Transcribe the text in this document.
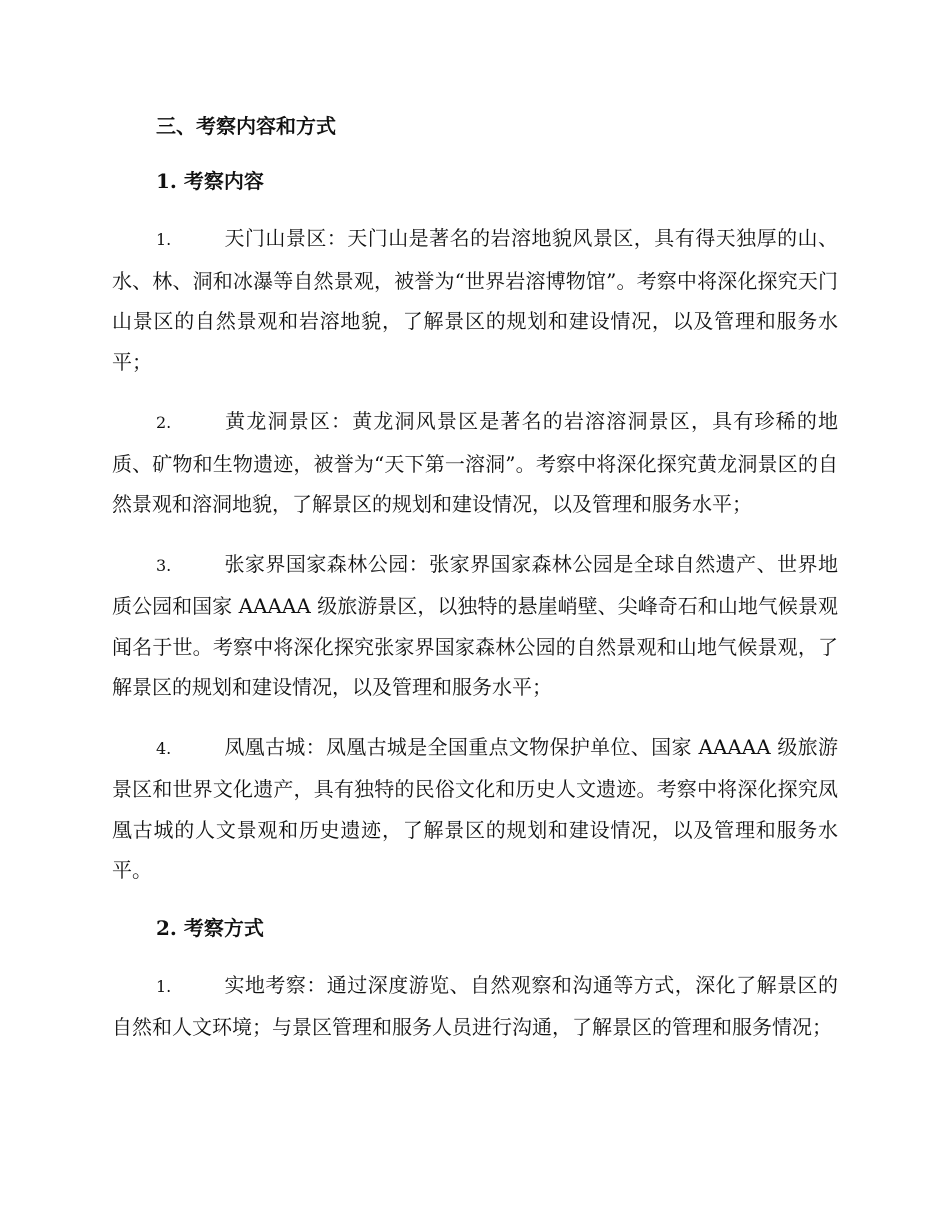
三、考察内容和方式
1. 考察内容

1.	天门山景区：天门山是著名的岩溶地貌风景区，具有得天独厚的山、水、林、洞和冰瀑等自然景观，被誉为“世界岩溶博物馆”。考察中将深化探究天门山景区的自然景观和岩溶地貌，了解景区的规划和建设情况，以及管理和服务水平；

2.	黄龙洞景区：黄龙洞风景区是著名的岩溶溶洞景区，具有珍稀的地质、矿物和生物遗迹，被誉为“天下第一溶洞”。考察中将深化探究黄龙洞景区的自然景观和溶洞地貌，了解景区的规划和建设情况，以及管理和服务水平；

3.	张家界国家森林公园：张家界国家森林公园是全球自然遗产、世界地质公园和国家 AAAAA 级旅游景区，以独特的悬崖峭壁、尖峰奇石和山地气候景观闻名于世。考察中将深化探究张家界国家森林公园的自然景观和山地气候景观，了解景区的规划和建设情况，以及管理和服务水平；

4.	凤凰古城：凤凰古城是全国重点文物保护单位、国家 AAAAA 级旅游景区和世界文化遗产，具有独特的民俗文化和历史人文遗迹。考察中将深化探究凤凰古城的人文景观和历史遗迹，了解景区的规划和建设情况，以及管理和服务水平。

2. 考察方式

1.	实地考察：通过深度游览、自然观察和沟通等方式，深化了解景区的自然和人文环境；与景区管理和服务人员进行沟通，了解景区的管理和服务情况；
